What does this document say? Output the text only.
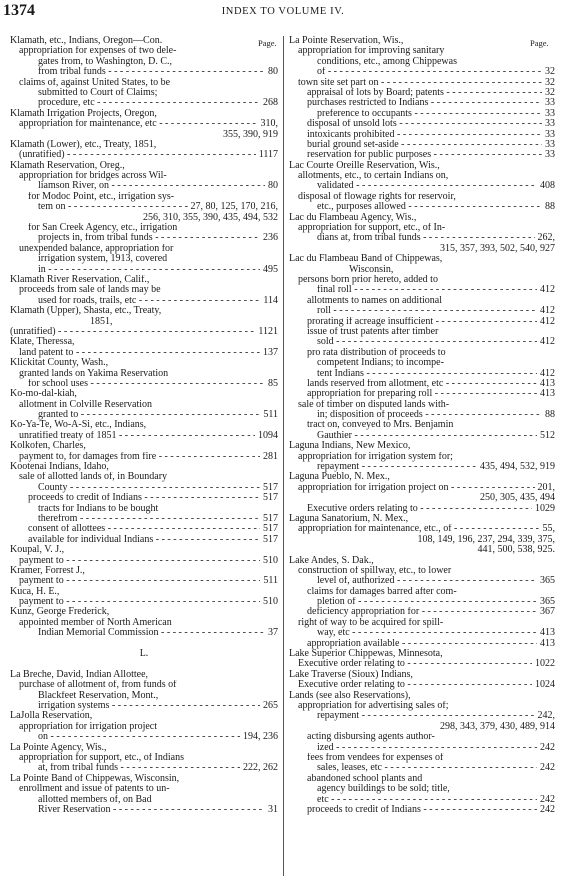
1374	INDEX TO VOLUME IV.
Page.	Page.
Klamath, etc., Indians, Oregon—Con.
appropriation for expenses of two dele-
gates from, to Washington, D. C.,
from tribal funds - - -	80
claims of, against United States, to be
submitted to Court of Claims;
procedure, etc - - -	268
Klamath Irrigation Projects, Oregon,
appropriation for maintenance, etc - - -	310,
355, 390, 919
Klamath (Lower), etc., Treaty, 1851,
(unratified) - - -	1117
Klamath Reservation, Oreg.,
appropriation for bridges across Wil-
liamson River, on - - -	80
for Modoc Point, etc., irrigation sys-
tem on - - -	27, 80, 125, 170, 216,
256, 310, 355, 390, 435, 494, 532
for San Creek Agency, etc., irrigation
projects in, from tribal funds - - -	236
unexpended balance, appropriation for
irrigation system, 1913, covered
in - - -	495
Klamath River Reservation, Calif.,
proceeds from sale of lands may be
used for roads, trails, etc - - -	114
Klamath (Upper), Shasta, etc., Treaty,
1851,
(unratified) - - -	1121
Klate, Theressa,
land patent to - - -	137
Klickitat County, Wash.,
granted lands on Yakima Reservation
for school uses - - -	85
Ko-mo-dal-kiah,
allotment in Colville Reservation
granted to - - -	511
Ko-Ya-Te, Wo-A-Si, etc., Indians,
unratified treaty of 1851 - - -	1094
Kolkofen, Charles,
payment to, for damages from fire - - -	281
Kootenai Indians, Idaho,
sale of allotted lands of, in Boundary
County - - -	517
proceeds to credit of Indians - - -	517
tracts for Indians to be bought
therefrom - - -	517
consent of allottees - - -	517
available for individual Indians - - -	517
Koupal, V. J.,
payment to - - -	510
Kramer, Forrest J.,
payment to - - -	511
Kuca, H. E.,
payment to - - -	510
Kunz, George Frederick,
appointed member of North American
Indian Memorial Commission - - -	37
L.
La Breche, David, Indian Allottee,
purchase of allotment of, from funds of
Blackfeet Reservation, Mont.,
irrigation systems - - -	265
LaJolla Reservation,
appropriation for irrigation project
on - - -	194, 236
La Pointe Agency, Wis.,
appropriation for support, etc., of Indians
at, from tribal funds - - -	222, 262
La Pointe Band of Chippewas, Wisconsin,
enrollment and issue of patents to un-
allotted members of, on Bad
River Reservation - - -	31
La Pointe Reservation, Wis.,
appropriation for improving sanitary
conditions, etc., among Chippewas
of - - -	32
town site set part on - - -	32
appraisal of lots by Board; patents - - -	32
purchases restricted to Indians - - -	33
preference to occupants - - -	33
disposal of unsold lots - - -	33
intoxicants prohibited - - -	33
burial ground set-aside - - -	33
reservation for public purposes - - -	33
Lac Courte Oreille Reservation, Wis.,
allotments, etc., to certain Indians on,
validated - - -	408
disposal of flowage rights for reservoir,
etc., purposes allowed - - -	88
Lac du Flambeau Agency, Wis.,
appropriation for support, etc., of In-
dians at, from tribal funds - - -	262,
315, 357, 393, 502, 540, 927
Lac du Flambeau Band of Chippewas,
Wisconsin,
persons born prior hereto, added to
final roll - - -	412
allotments to names on additional
roll - - -	412
prorating if acreage insufficient - - -	412
issue of trust patents after timber
sold - - -	412
pro rata distribution of proceeds to
competent Indians; to incompe-
tent Indians - - -	412
lands reserved from allotment, etc - - -	413
appropriation for preparing roll - - -	413
sale of timber on disputed lands with-
in; disposition of proceeds - - -	88
tract on, conveyed to Mrs. Benjamin
Gauthier - - -	512
Laguna Indians, New Mexico,
appropriation for irrigation system for;
repayment - - -	435, 494, 532, 919
Laguna Pueblo, N. Mex.,
appropriation for irrigation project on - - -	201,
250, 305, 435, 494
Executive orders relating to - - -	1029
Laguna Sanatorium, N. Mex.,
appropriation for maintenance, etc., of - - -	55,
108, 149, 196, 237, 294, 339, 375,
441, 500, 538, 925.
Lake Andes, S. Dak.,
construction of spillway, etc., to lower
level of, authorized - - -	365
claims for damages barred after com-
pletion of - - -	365
deficiency appropriation for - - -	367
right of way to be acquired for spill-
way, etc - - -	413
appropriation available - - -	413
Lake Superior Chippewas, Minnesota,
Executive order relating to - - -	1022
Lake Traverse (Sioux) Indians,
Executive order relating to - - -	1024
Lands (see also Reservations),
appropriation for advertising sales of;
repayment - - -	242,
298, 343, 379, 430, 489, 914
acting disbursing agents author-
ized - - -	242
fees from vendees for expenses of
sales, leases, etc - - -	242
abandoned school plants and
agency buildings to be sold; title,
etc - - -	242
proceeds to credit of Indians - - -	242
